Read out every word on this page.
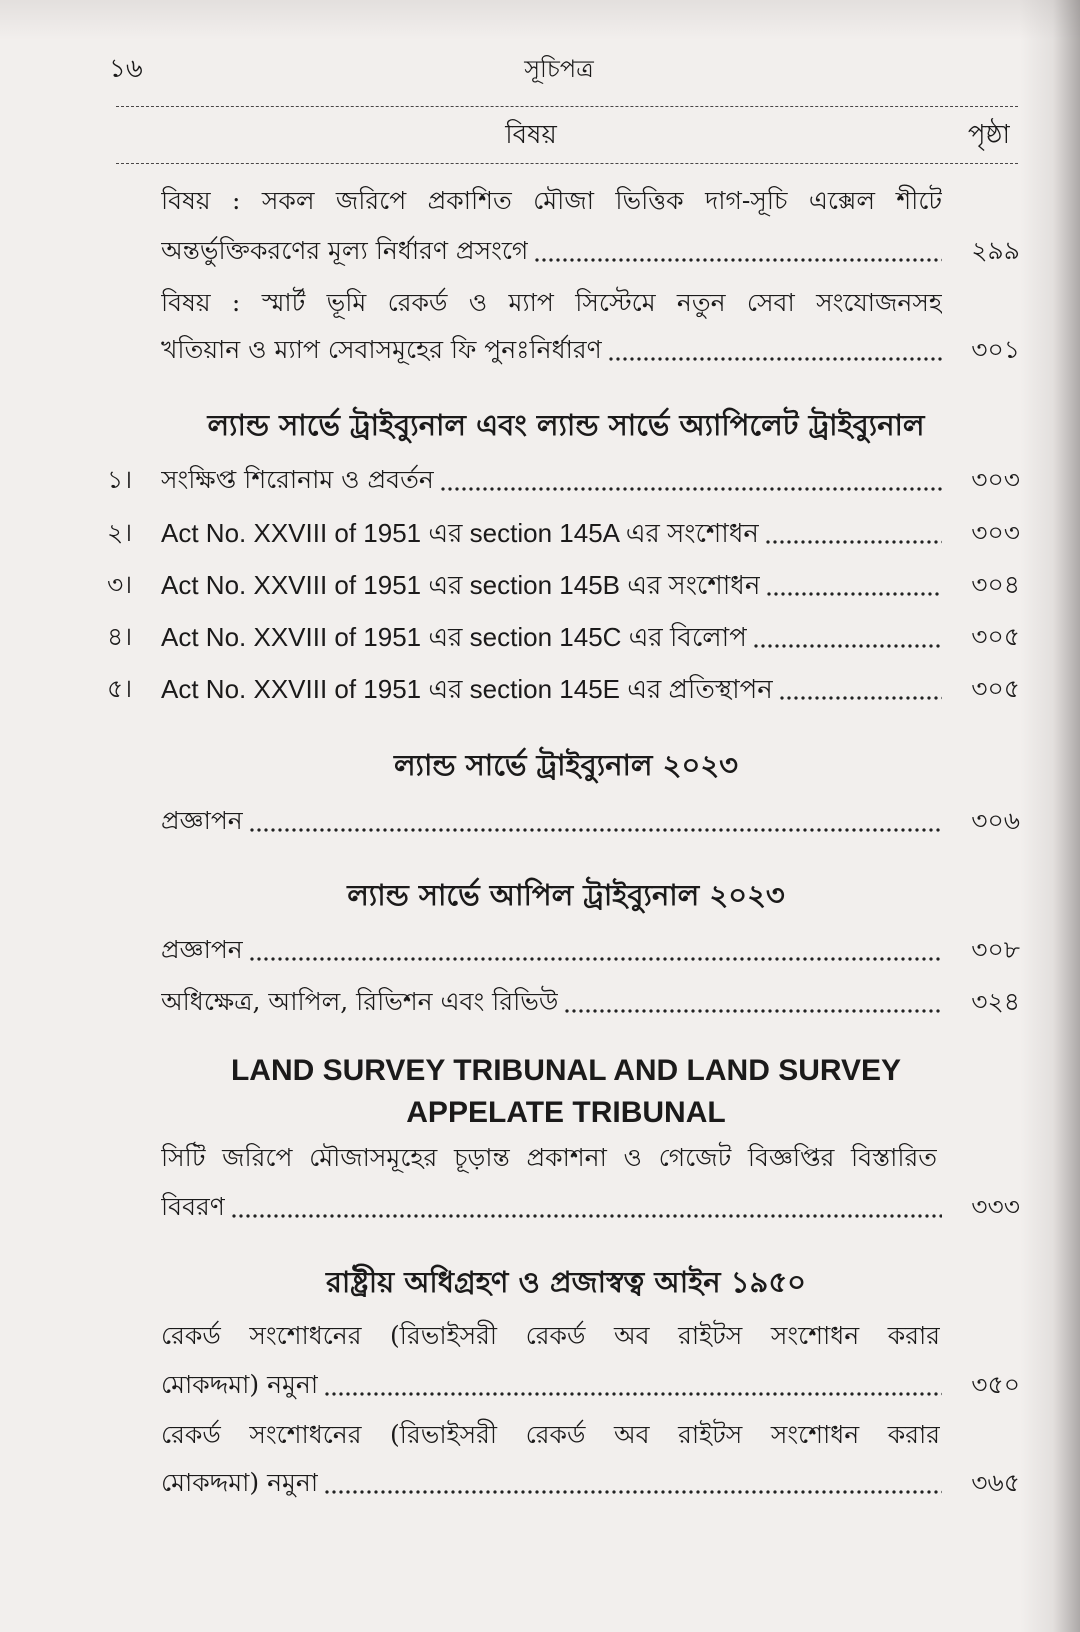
১৬	সূচিপত্র
বিষয়	পৃষ্ঠা
বিষয় : সকল জরিপে প্রকাশিত মৌজা ভিত্তিক দাগ-সূচি এক্সেল শীটে
অন্তর্ভুক্তিকরণের মূল্য নির্ধারণ প্রসংগে	২৯৯
বিষয় : স্মার্ট ভূমি রেকর্ড ও ম্যাপ সিস্টেমে নতুন সেবা সংযোজনসহ
খতিয়ান ও ম্যাপ সেবাসমূহের ফি পুনঃনির্ধারণ	৩০১
ল্যান্ড সার্ভে ট্রাইব্যুনাল এবং ল্যান্ড সার্ভে অ্যাপিলেট ট্রাইব্যুনাল
১।	সংক্ষিপ্ত শিরোনাম ও প্রবর্তন	৩০৩
২।	Act No. XXVIII of 1951 এর section 145A এর সংশোধন	৩০৩
৩।	Act No. XXVIII of 1951 এর section 145B এর সংশোধন	৩০৪
৪।	Act No. XXVIII of 1951 এর section 145C এর বিলোপ	৩০৫
৫।	Act No. XXVIII of 1951 এর section 145E এর প্রতিস্থাপন	৩০৫
ল্যান্ড সার্ভে ট্রাইব্যুনাল ২০২৩
প্রজ্ঞাপন	৩০৬
ল্যান্ড সার্ভে আপিল ট্রাইব্যুনাল ২০২৩
প্রজ্ঞাপন	৩০৮
অধিক্ষেত্র, আপিল, রিভিশন এবং রিভিউ	৩২৪
LAND SURVEY TRIBUNAL AND LAND SURVEY
APPELATE TRIBUNAL
সিটি জরিপে মৌজাসমূহের চূড়ান্ত প্রকাশনা ও গেজেট বিজ্ঞপ্তির বিস্তারিত
বিবরণ	৩৩৩
রাষ্ট্রীয় অধিগ্রহণ ও প্রজাস্বত্ব আইন ১৯৫০
রেকর্ড সংশোধনের (রিভাইসরী রেকর্ড অব রাইটস সংশোধন করার
মোকদ্দমা) নমুনা	৩৫০
রেকর্ড সংশোধনের (রিভাইসরী রেকর্ড অব রাইটস সংশোধন করার
মোকদ্দমা) নমুনা	৩৬৫
